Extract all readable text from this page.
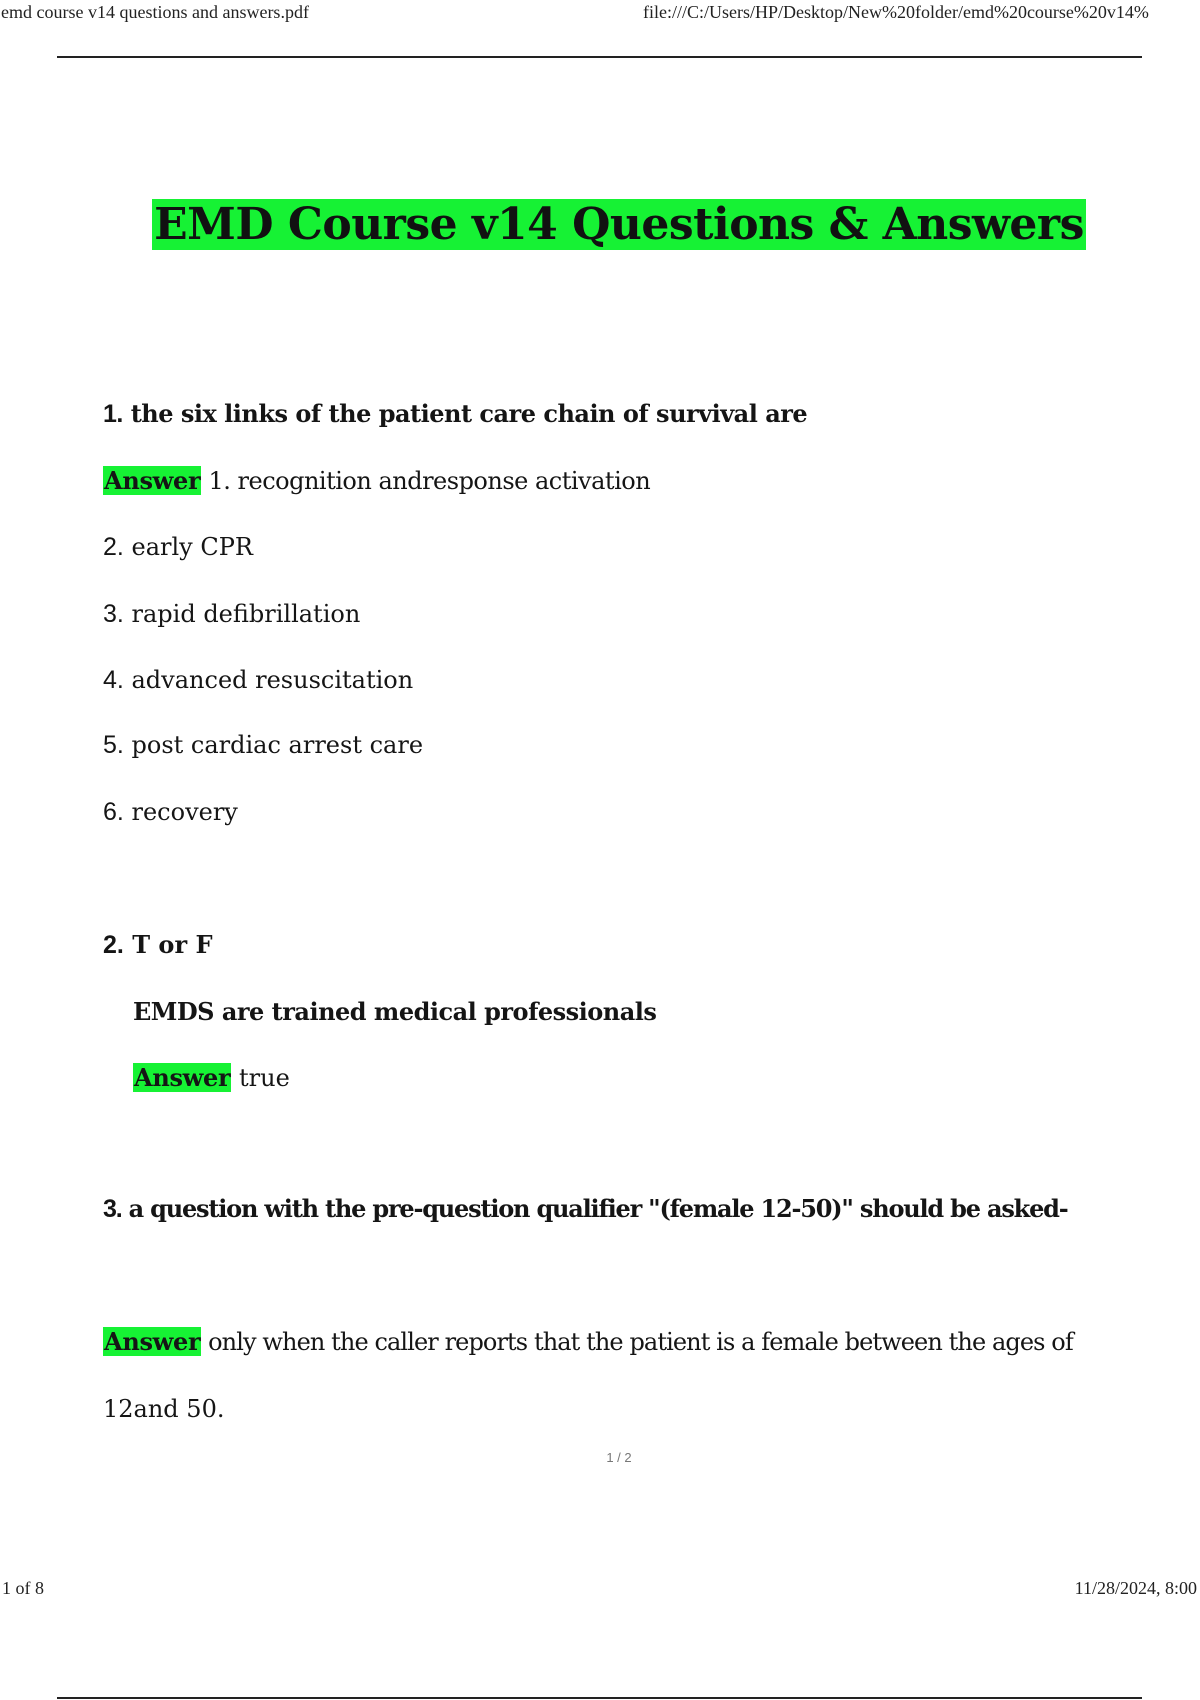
emd course v14 questions and answers.pdf	file:///C:/Users/HP/Desktop/New%20folder/emd%20course%20v14%
EMD Course v14 Questions & Answers
1. the six links of the patient care chain of survival are
Answer 1. recognition andresponse activation
2. early CPR
3. rapid defibrillation
4. advanced resuscitation
5. post cardiac arrest care
6. recovery
2. T or F
EMDS are trained medical professionals
Answer true
3. a question with the pre-question qualifier "(female 12-50)" should be asked-
Answer only when the caller reports that the patient is a female between the ages of
12and 50.
1 / 2
1 of 8	11/28/2024, 8:00
